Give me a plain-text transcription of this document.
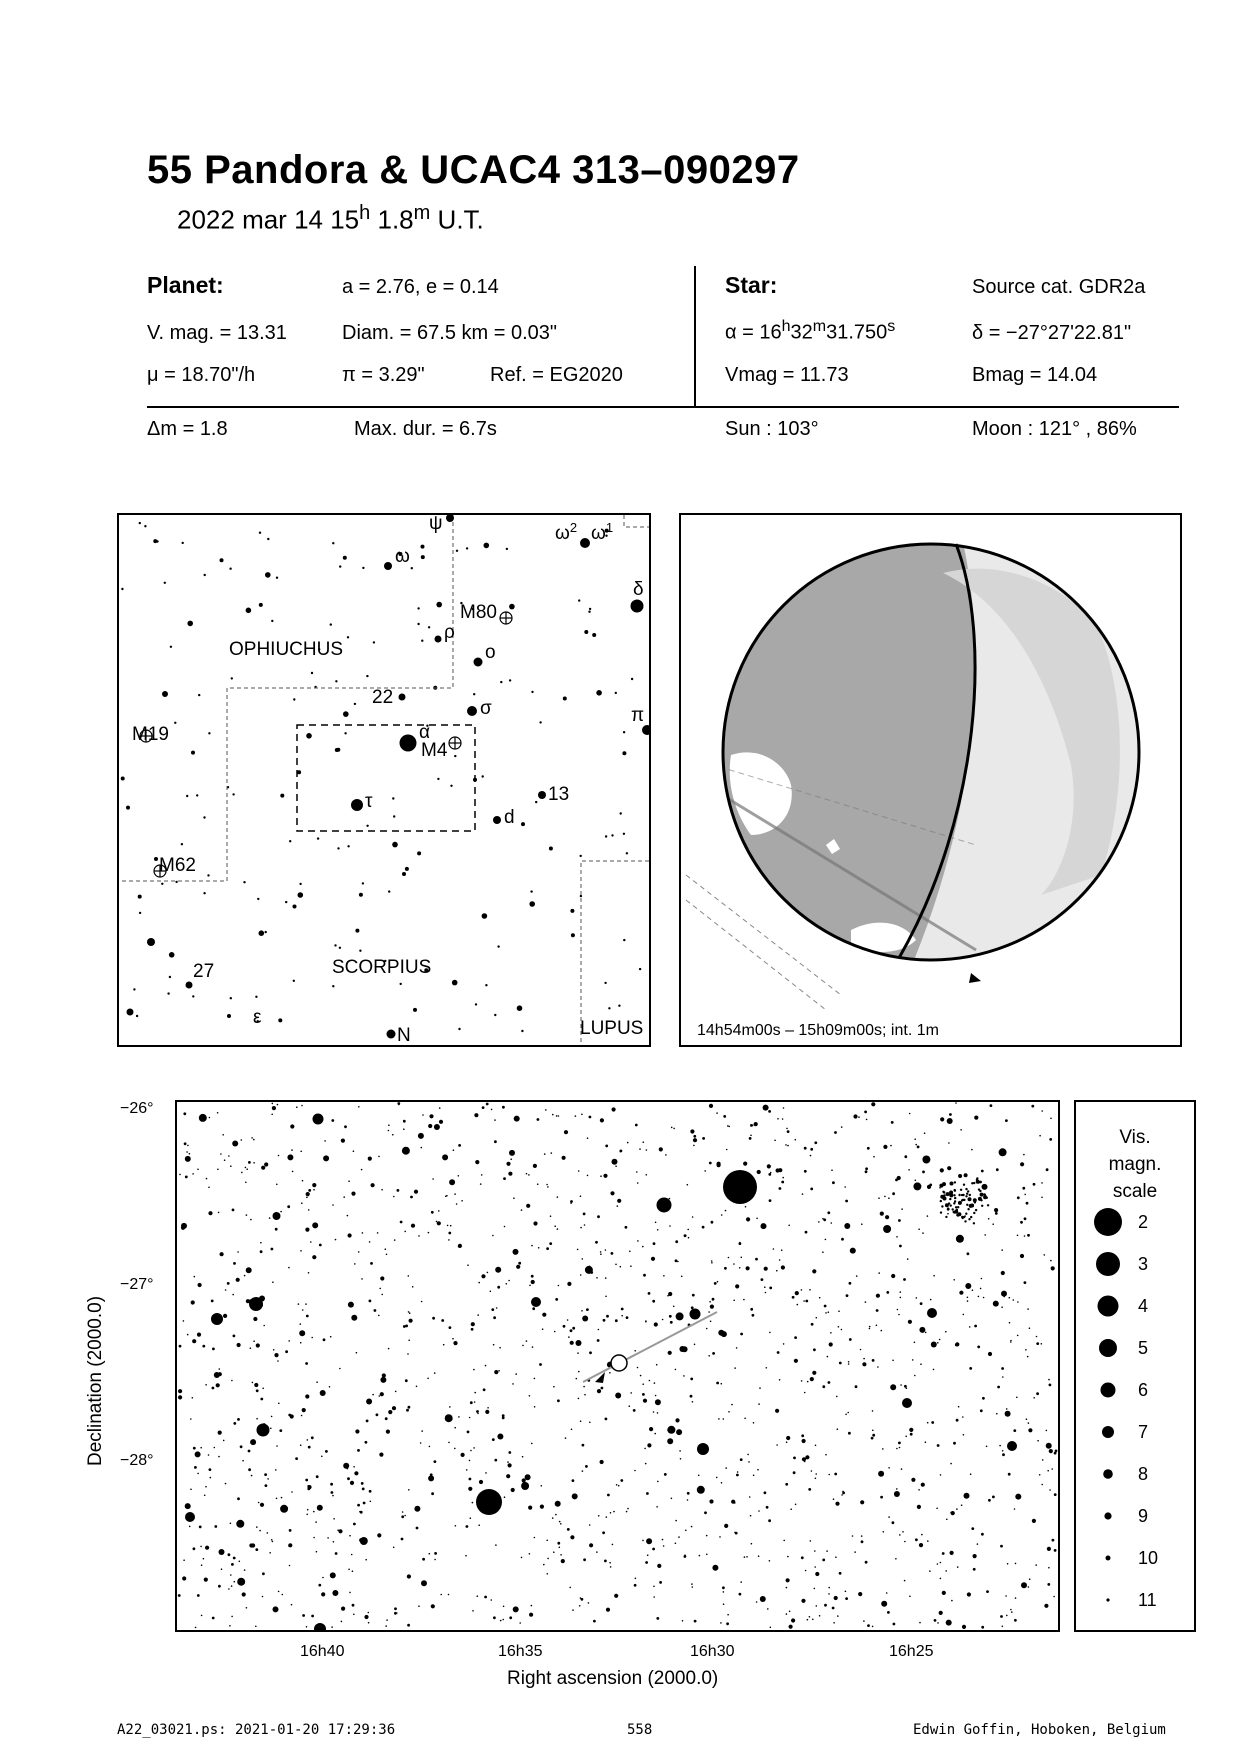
55 Pandora & UCAC4 313–090297
2022 mar 14 15$^h$ 1.8$^m$ U.T.
Planet:	a = 2.76, e = 0.14
V. mag. = 13.31	Diam. = 67.5 km = 0.03"
μ = 18.70"/h	π = 3.29"	Ref. = EG2020
Star:	Source cat. GDR2a
$\alpha = 16^h32^m31.750^s$	δ = −27°27'22.81"
Vmag = 11.73	Bmag = 14.04
Δm = 1.8	Max. dur. = 6.7s	Sun : 103°	Moon : 121° , 86%
OPHIUCHUS
SCORPIUS
LUPUS
M80
M19
M4
M62
N
22
13
27
ψ
ω
$\omega^2$ $\omega^1$
δ
ρ
o
σ	π
α
τ
d
ε
14h54m00s – 15h09m00s; int. 1m
−26°
−27°
−28°
16h40	16h35	16h30	16h25
Right ascension (2000.0)
Declination (2000.0)
Vis.
magn.
scale
2
3
4
5
6
7
8
9
10
11
A22_03021.ps: 2021-01-20 17:29:36	558	Edwin Goffin, Hoboken, Belgium
